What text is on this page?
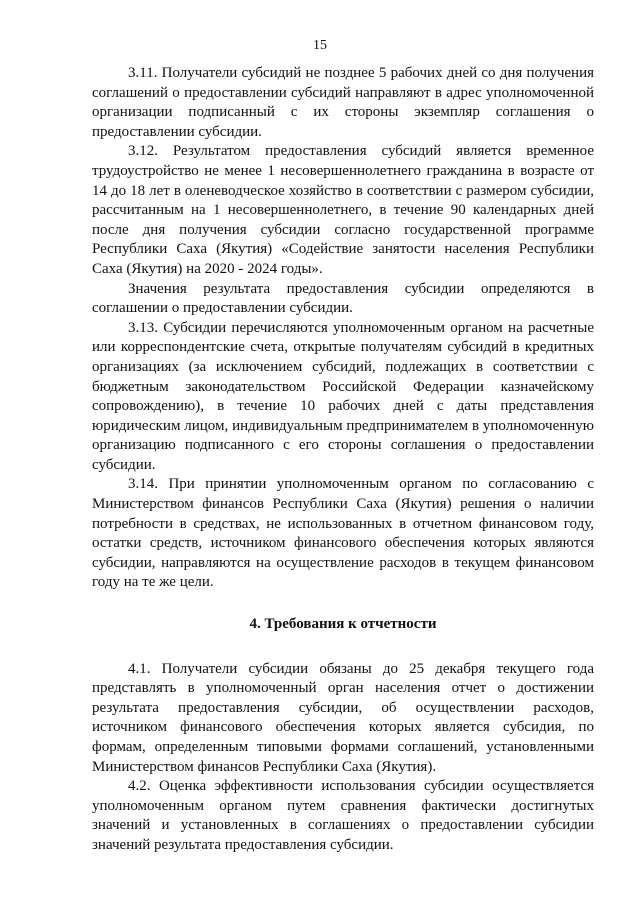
15

3.11. Получатели субсидий не позднее 5 рабочих дней со дня получения соглашений о предоставлении субсидий направляют в адрес уполномоченной организации подписанный с их стороны экземпляр соглашения о предоставлении субсидии.

3.12. Результатом предоставления субсидий является временное трудоустройство не менее 1 несовершеннолетнего гражданина в возрасте от 14 до 18 лет в оленеводческое хозяйство в соответствии с размером субсидии, рассчитанным на 1 несовершеннолетнего, в течение 90 календарных дней после дня получения субсидии согласно государственной программе Республики Саха (Якутия) «Содействие занятости населения Республики Саха (Якутия) на 2020 - 2024 годы».

Значения результата предоставления субсидии определяются в соглашении о предоставлении субсидии.

3.13. Субсидии перечисляются уполномоченным органом на расчетные или корреспондентские счета, открытые получателям субсидий в кредитных организациях (за исключением субсидий, подлежащих в соответствии с бюджетным законодательством Российской Федерации казначейскому сопровождению), в течение 10 рабочих дней с даты представления юридическим лицом, индивидуальным предпринимателем в уполномоченную организацию подписанного с его стороны соглашения о предоставлении субсидии.

3.14. При принятии уполномоченным органом по согласованию с Министерством финансов Республики Саха (Якутия) решения о наличии потребности в средствах, не использованных в отчетном финансовом году, остатки средств, источником финансового обеспечения которых являются субсидии, направляются на осуществление расходов в текущем финансовом году на те же цели.

4. Требования к отчетности

4.1. Получатели субсидии обязаны до 25 декабря текущего года представлять в уполномоченный орган населения отчет о достижении результата предоставления субсидии, об осуществлении расходов, источником финансового обеспечения которых является субсидия, по формам, определенным типовыми формами соглашений, установленными Министерством финансов Республики Саха (Якутия).

4.2. Оценка эффективности использования субсидии осуществляется уполномоченным органом путем сравнения фактически достигнутых значений и установленных в соглашениях о предоставлении субсидии значений результата предоставления субсидии.
